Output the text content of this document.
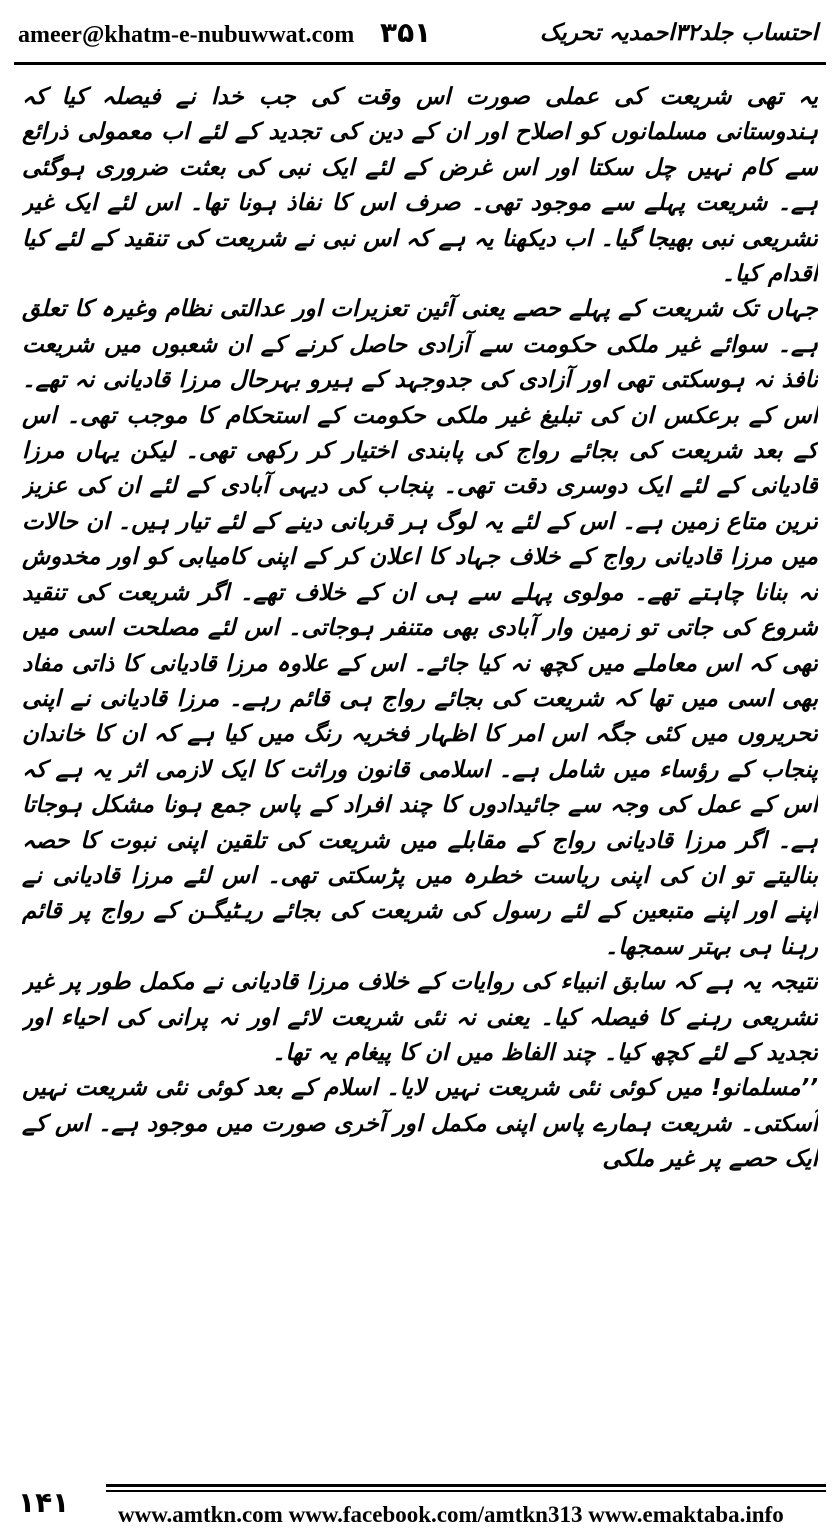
ameer@khatm-e-nubuwwat.com ۳۵۱	احتساب جلد۳۲احمدیہ تحریک

یہ تھی شریعت کی عملی صورت اس وقت کی جب خدا نے فیصلہ کیا کہ ہندوستانی مسلمانوں کو اصلاح اور ان کے دین کی تجدید کے لئے اب معمولی ذرائع سے کام نہیں چل سکتا اور اس غرض کے لئے ایک نبی کی بعثت ضروری ہوگئی ہے۔ شریعت پہلے سے موجود تھی۔ صرف اس کا نفاذ ہونا تھا۔ اس لئے ایک غیر تشریعی نبی بھیجا گیا۔ اب دیکھنا یہ ہے کہ اس نبی نے شریعت کی تنقید کے لئے کیا اقدام کیا۔

جہاں تک شریعت کے پہلے حصے یعنی آئین تعزیرات اور عدالتی نظام وغیرہ کا تعلق ہے۔ سوائے غیر ملکی حکومت سے آزادی حاصل کرنے کے ان شعبوں میں شریعت نافذ نہ ہوسکتی تھی اور آزادی کی جدوجہد کے ہیرو بہرحال مرزا قادیانی نہ تھے۔ اس کے برعکس ان کی تبلیغ غیر ملکی حکومت کے استحکام کا موجب تھی۔ اس کے بعد شریعت کی بجائے رواج کی پابندی اختیار کر رکھی تھی۔ لیکن یہاں مرزا قادیانی کے لئے ایک دوسری دقت تھی۔ پنجاب کی دیہی آبادی کے لئے ان کی عزیز ترین متاع زمین ہے۔ اس کے لئے یہ لوگ ہر قربانی دینے کے لئے تیار ہیں۔ ان حالات میں مرزا قادیانی رواج کے خلاف جہاد کا اعلان کر کے اپنی کامیابی کو اور مخدوش نہ بنانا چاہتے تھے۔ مولوی پہلے سے ہی ان کے خلاف تھے۔ اگر شریعت کی تنقید شروع کی جاتی تو زمین وار آبادی بھی متنفر ہوجاتی۔ اس لئے مصلحت اسی میں تھی کہ اس معاملے میں کچھ نہ کیا جائے۔ اس کے علاوہ مرزا قادیانی کا ذاتی مفاد بھی اسی میں تھا کہ شریعت کی بجائے رواج ہی قائم رہے۔ مرزا قادیانی نے اپنی تحریروں میں کئی جگہ اس امر کا اظہار فخریہ رنگ میں کیا ہے کہ ان کا خاندان پنجاب کے رؤساء میں شامل ہے۔ اسلامی قانون وراثت کا ایک لازمی اثر یہ ہے کہ اس کے عمل کی وجہ سے جائیدادوں کا چند افراد کے پاس جمع ہونا مشکل ہوجاتا ہے۔ اگر مرزا قادیانی رواج کے مقابلے میں شریعت کی تلقین اپنی نبوت کا حصہ بنالیتے تو ان کی اپنی ریاست خطرہ میں پڑسکتی تھی۔ اس لئے مرزا قادیانی نے اپنے اور اپنے متبعین کے لئے رسول کی شریعت کی بجائے ریـٹیگـن کے رواج پر قائم رہنا ہی بہتر سمجھا۔

نتیجہ یہ ہے کہ سابق انبیاء کی روایات کے خلاف مرزا قادیانی نے مکمل طور پر غیر تشریعی رہنے کا فیصلہ کیا۔ یعنی نہ نئی شریعت لائے اور نہ پرانی کی احیاء اور تجدید کے لئے کچھ کیا۔ چند الفاظ میں ان کا پیغام یہ تھا۔

’’مسلمانو! میں کوئی نئی شریعت نہیں لایا۔ اسلام کے بعد کوئی نئی شریعت نہیں آسکتی۔ شریعت ہمارے پاس اپنی مکمل اور آخری صورت میں موجود ہے۔ اس کے ایک حصے پر غیر ملکی

۱۴۱ www.amtkn.com www.facebook.com/amtkn313 www.emaktaba.info
